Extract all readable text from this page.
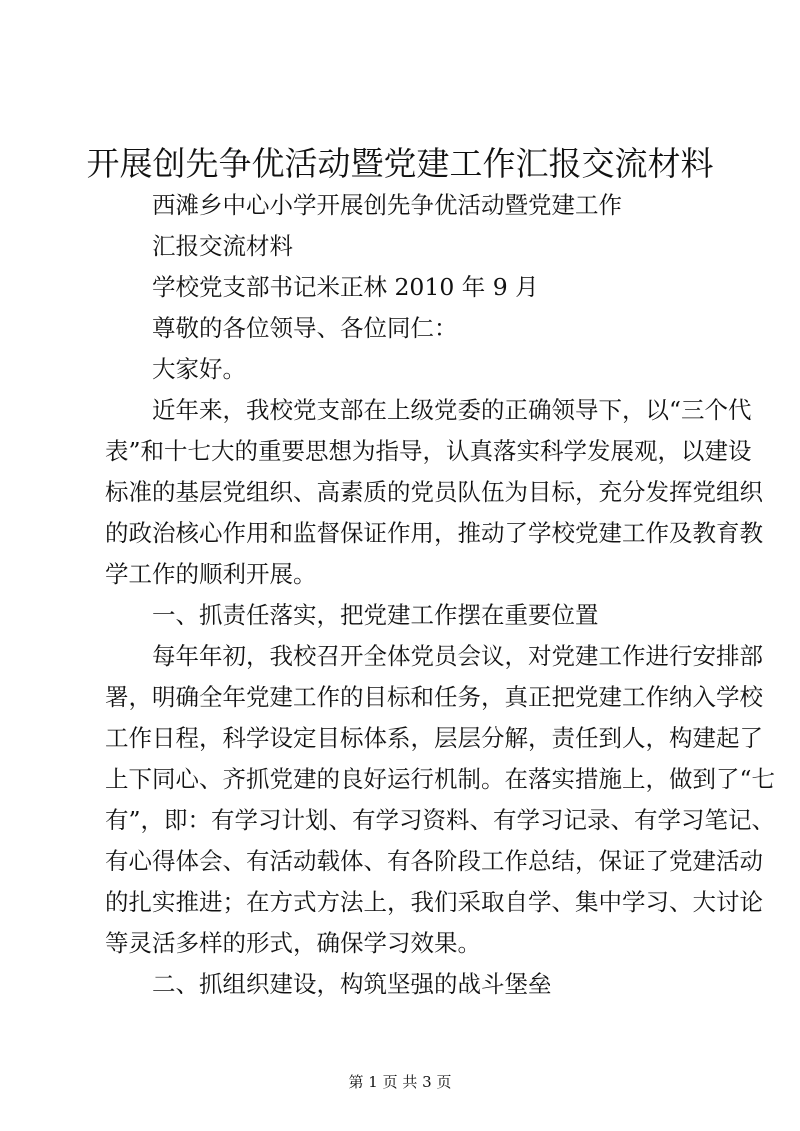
开展创先争优活动暨党建工作汇报交流材料
西滩乡中心小学开展创先争优活动暨党建工作
汇报交流材料
学校党支部书记米正林 2010 年 9 月
尊敬的各位领导、各位同仁：
大家好。
近年来，我校党支部在上级党委的正确领导下，以“三个代
表”和十七大的重要思想为指导，认真落实科学发展观，以建设
标准的基层党组织、高素质的党员队伍为目标，充分发挥党组织
的政治核心作用和监督保证作用，推动了学校党建工作及教育教
学工作的顺利开展。
一、抓责任落实，把党建工作摆在重要位置
每年年初，我校召开全体党员会议，对党建工作进行安排部
署，明确全年党建工作的目标和任务，真正把党建工作纳入学校
工作日程，科学设定目标体系，层层分解，责任到人，构建起了
上下同心、齐抓党建的良好运行机制。在落实措施上，做到了“七
有”，即：有学习计划、有学习资料、有学习记录、有学习笔记、
有心得体会、有活动载体、有各阶段工作总结，保证了党建活动
的扎实推进；在方式方法上，我们采取自学、集中学习、大讨论
等灵活多样的形式，确保学习效果。
二、抓组织建设，构筑坚强的战斗堡垒
第 1 页 共 3 页
